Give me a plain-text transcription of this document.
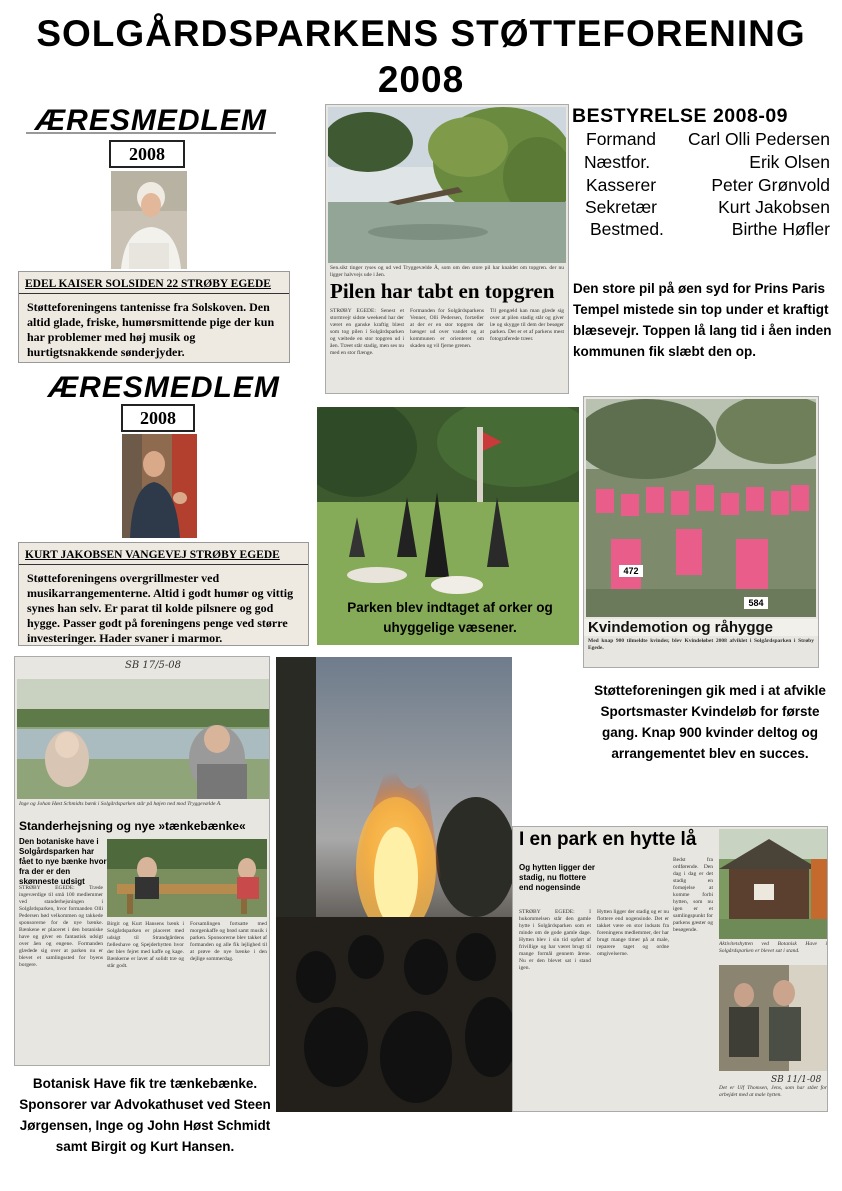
SOLGÅRDSPARKENS STØTTEFORENING
2008
ÆRESMEDLEM
2008
EDEL KAISER SOLSIDEN 22 STRØBY EGEDE
Støtteforeningens tantenisse fra Solskoven. Den altid glade, friske, humørsmittende pige der kun har problemer med høj musik og hurtigtsnakkende sønderjyder.
ÆRESMEDLEM
2008
KURT JAKOBSEN VANGEVEJ STRØBY EGEDE
Støtteforeningens overgrillmester ved musikarrangementerne. Altid i godt humør og vittig synes han selv. Er parat til kolde pilsnere og god hygge. Passer godt på foreningens penge ved større investeringer. Hader svaner i marmor.
Sen.sikt tinger ryses og ud ved Tryggevælde Å, som om den store pil har knaldet om topgren. der nu ligger halvvejs ude i åen.
Pilen har tabt en topgren
STRØBY EGEDE: Senest et stormvejr sidste weekend har der været en ganske kraftig blæst som tog pilen i Solgårdsparken og væltede en stor topgren ud i åen. Træet står stadig, men ses nu med en stor flænge.
Formanden for Solgårdsparkens Venner, Olli Pedersen, fortæller at der er en stor topgren der hænger ud over vandet og at kommunen er orienteret om skaden og vil fjerne grenen.
Til gengæld kan man glæde sig over at pilen stadig står og giver læ og skygge til dem der besøger parken. Det er et af parkens mest fotograferede træer.
BESTYRELSE 2008-09
Formand Carl Olli Pedersen
Næstfor.	Erik Olsen
Kasserer	Peter Grønvold
Sekretær	Kurt Jakobsen
Bestmed.	Birthe Høfler
Den store pil på øen syd for Prins Paris Tempel mistede sin top under et kraftigt blæsevejr. Toppen lå lang tid i åen inden kommunen fik slæbt den op.
Parken blev indtaget af orker og uhyggelige væsener.
472
584
Kvindemotion og råhygge
Med knap 900 tilmeldte kvinder, blev Kvindeløbet 2008 afviklet i Solgårdsparken i Strøby Egede.
Støtteforeningen gik med i at afvikle Sportsmaster Kvindeløb for første gang. Knap 900 kvinder deltog og arrangementet blev en succes.
SB 17/5-08
Inge og Johan Høst Schmidts bænk i Solgårdsparken står på højen ned mod Tryggevælde Å.
Standerhejsning og nye »tænkebænke«
Den botaniske have i Solgårdsparken har fået to nye bænke hvor fra der er den skønneste udsigt
STRØBY EGEDE: Træde ingeværdige til små 100 medlemmer ved standerhejsningen i Solgårdsparken, hvor formanden Olli Pedersen bød velkommen og takkede sponsorerne for de nye bænke. Bænkene er placeret i den botaniske have og giver en fantastisk udsigt over åen og engene. Formanden glædede sig over at parken nu er blevet et samlingssted for byens borgere.
Birgit og Kurt Hansens bænk i Solgårdsparken er placeret med udsigt til Strandgårdens fælleshave og Spejderhytten hvor der blev fejret med kaffe og kage. Bænkerne er lavet af solidt træ og står godt.
Forsamlingen fortsatte med morgenkaffe og brød samt musik i parken. Sponsorerne blev takket af formanden og alle fik lejlighed til at prøve de nye bænke i den dejlige sommerdag.
Botanisk Have fik tre tænkebænke. Sponsorer var Advokathuset ved Steen Jørgensen, Inge og John Høst Schmidt samt Birgit og Kurt Hansen.
I en park en hytte lå
Og hytten ligger der stadig, nu flottere end nogensinde
STRØBY EGEDE: I hukommelsen står den gamle hytte i Solgårdsparken som et minde om de gode gamle dage. Hytten blev i sin tid opført af frivillige og har været brugt til mange formål gennem årene. Nu er den blevet sat i stand igen.
Hytten ligger der stadig og er nu flottere end nogensinde. Det er takket være en stor indsats fra foreningens medlemmer, der har brugt mange timer på at male, reparere taget og ordne omgivelserne.
Bedst fra ordførende. Den dag i dag er det stadig en fornøjelse at komme forbi hytten, som nu igen er et samlingspunkt for parkens gæster og besøgende.
Aktivitetshytten ved Botanisk Have i Solgårdsparken er blevet sat i stand.
SB 11/1-08
Det er Ulf Thomsen, Jens, som har stået for arbejdet med at male hytten.
